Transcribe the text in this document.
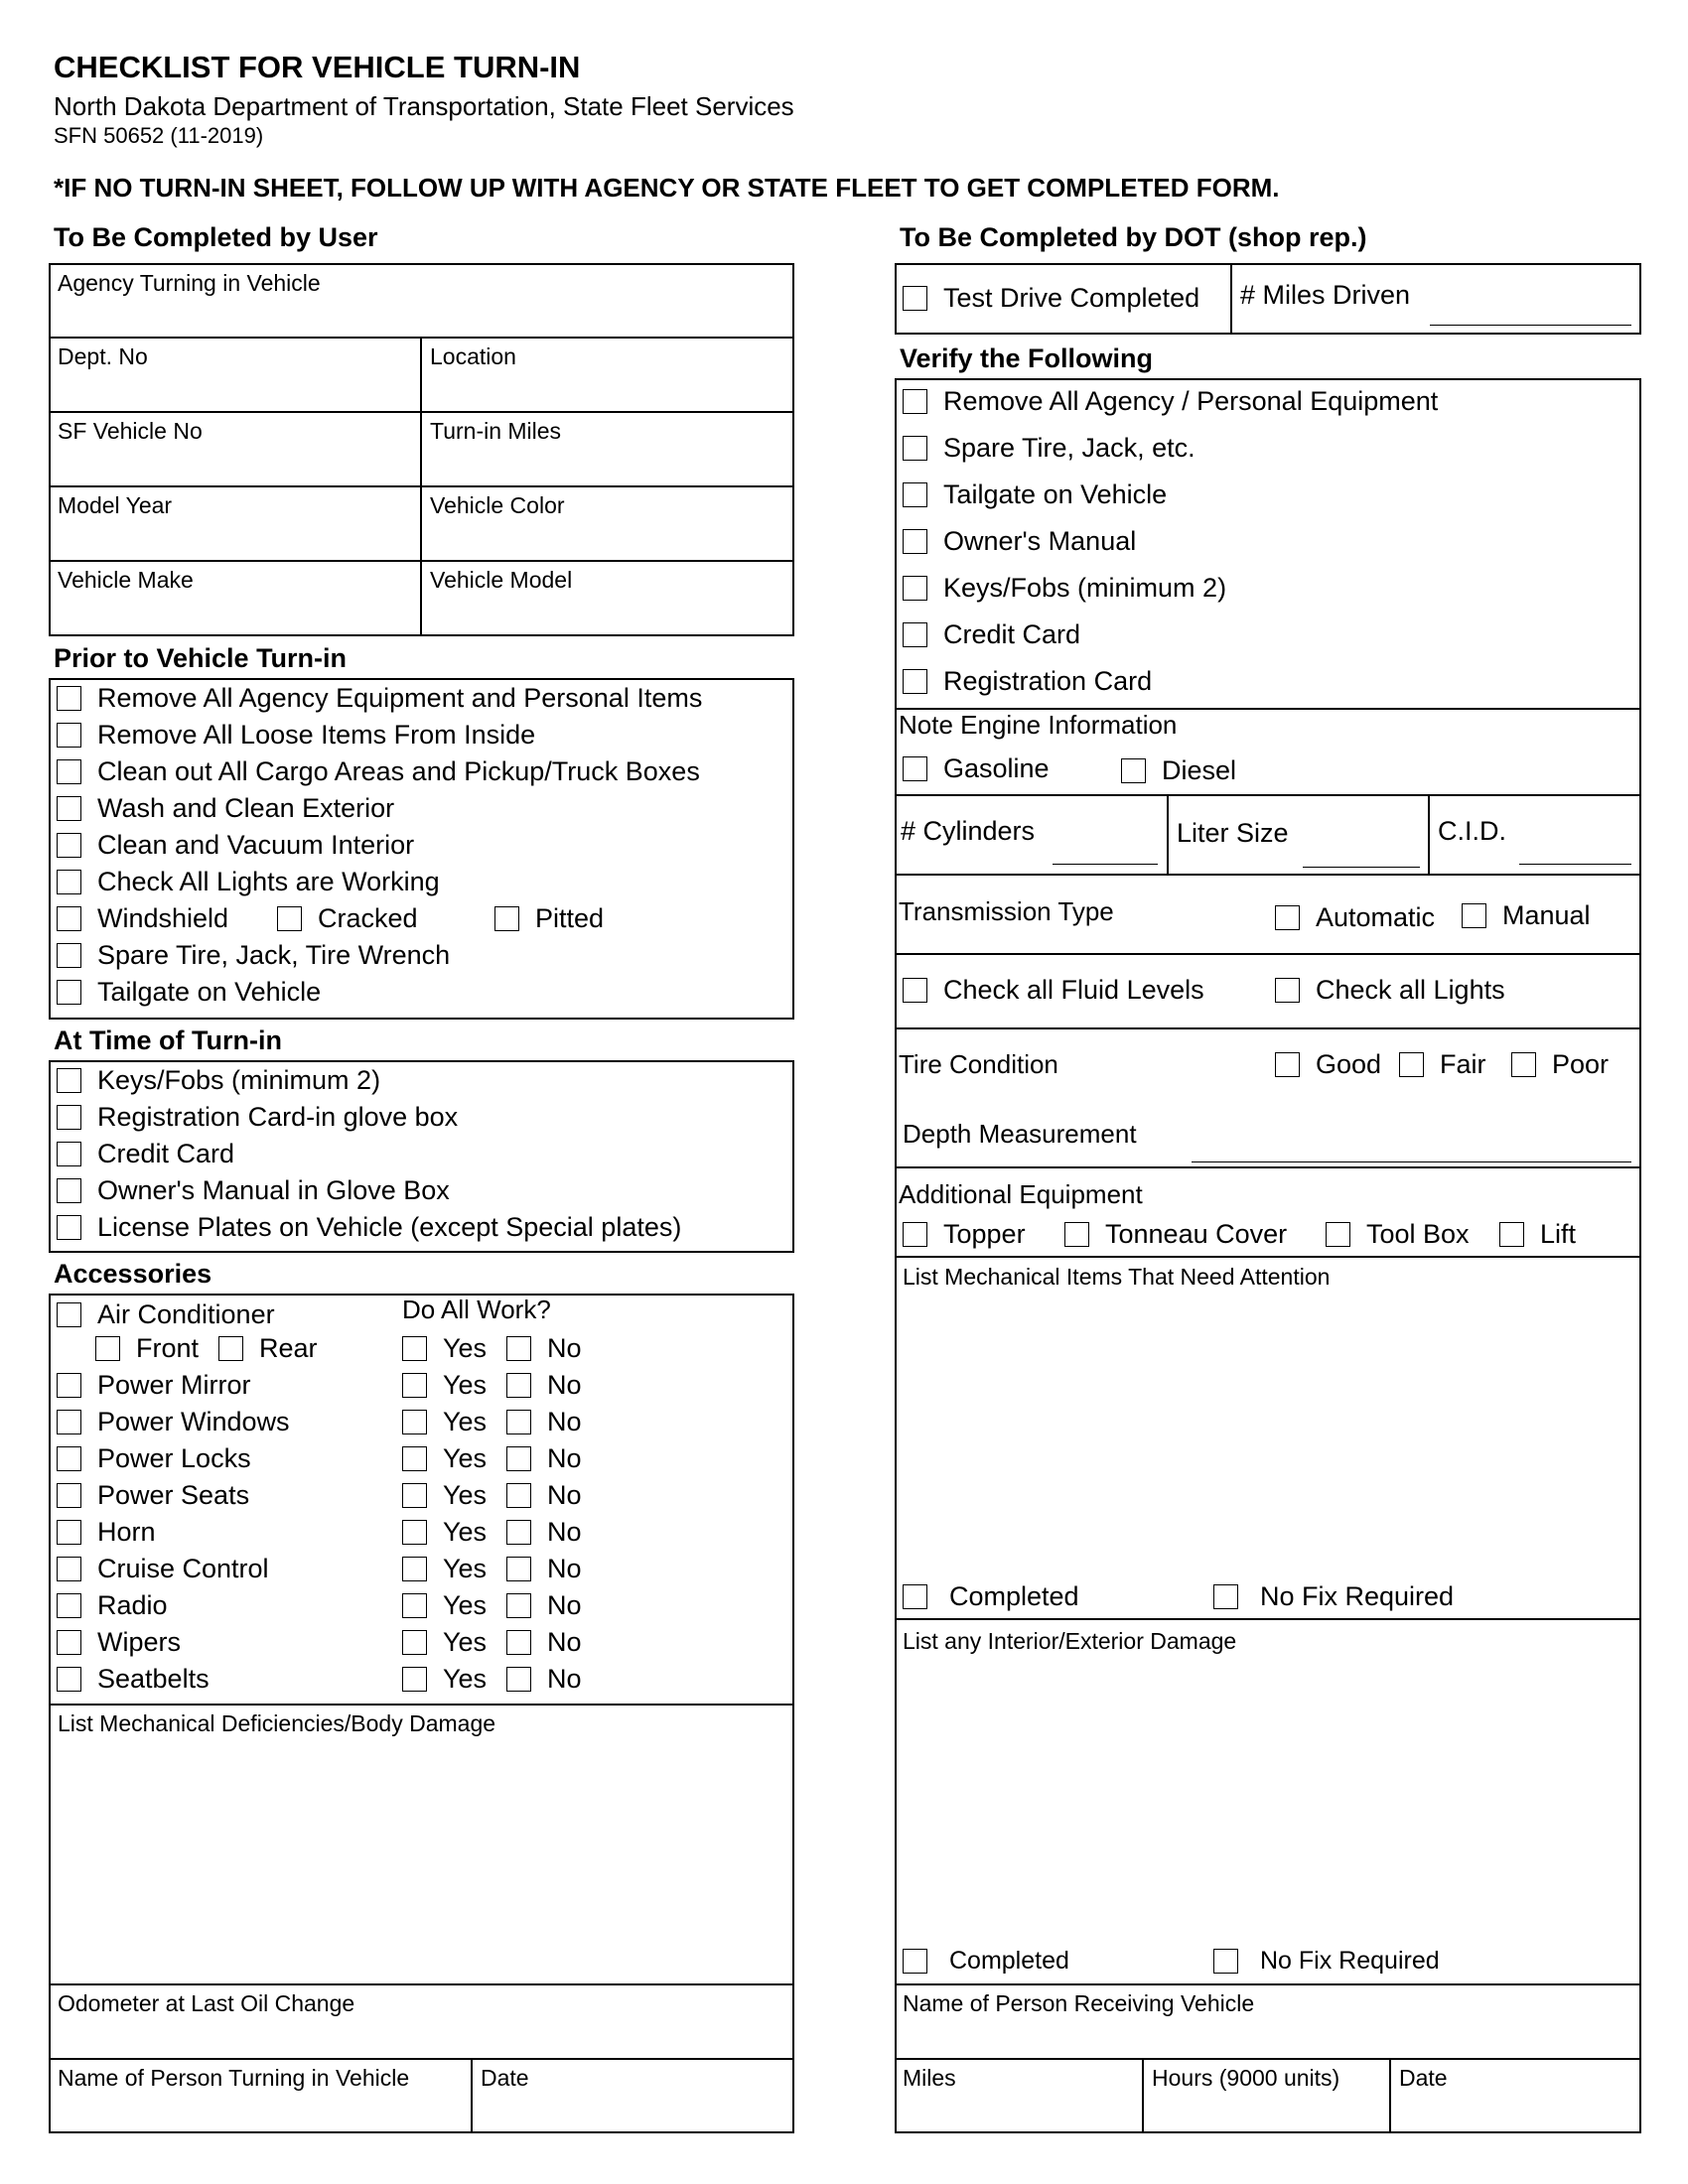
CHECKLIST FOR VEHICLE TURN-IN
North Dakota Department of Transportation, State Fleet Services
SFN 50652 (11-2019)
*IF NO TURN-IN SHEET, FOLLOW UP WITH AGENCY OR STATE FLEET TO GET COMPLETED FORM.
To Be Completed by User
Agency Turning in Vehicle
Dept. No	Location
SF Vehicle No	Turn-in Miles
Model Year	Vehicle Color
Vehicle Make	Vehicle Model
Prior to Vehicle Turn-in
Remove All Agency Equipment and Personal Items
Remove All Loose Items From Inside
Clean out All Cargo Areas and Pickup/Truck Boxes
Wash and Clean Exterior
Clean and Vacuum Interior
Check All Lights are Working
Windshield	Cracked	Pitted
Spare Tire, Jack, Tire Wrench
Tailgate on Vehicle
At Time of Turn-in
Keys/Fobs (minimum 2)
Registration Card-in glove box
Credit Card
Owner's Manual in Glove Box
License Plates on Vehicle (except Special plates)
Accessories
Air Conditioner	Do All Work?
Front Rear	Yes No
Power Mirror	Yes No
Power Windows	Yes No
Power Locks	Yes No
Power Seats	Yes No
Horn	Yes No
Cruise Control	Yes No
Radio	Yes No
Wipers	Yes No
Seatbelts	Yes No
List Mechanical Deficiencies/Body Damage
Odometer at Last Oil Change
Name of Person Turning in Vehicle	Date
To Be Completed by DOT (shop rep.)
Test Drive Completed # Miles Driven
Verify the Following
Remove All Agency / Personal Equipment
Spare Tire, Jack, etc.
Tailgate on Vehicle
Owner's Manual
Keys/Fobs (minimum 2)
Credit Card
Registration Card
Note Engine Information
Gasoline	Diesel
# Cylinders	Liter Size	C.I.D.
Transmission Type	Automatic	Manual
Check all Fluid Levels	Check all Lights
Tire Condition	Good Fair Poor
Depth Measurement
Additional Equipment
Topper	Tonneau Cover	Tool Box	Lift
List Mechanical Items That Need Attention
Completed	No Fix Required
List any Interior/Exterior Damage
Completed	No Fix Required
Name of Person Receiving Vehicle
Miles	Hours (9000 units)	Date
